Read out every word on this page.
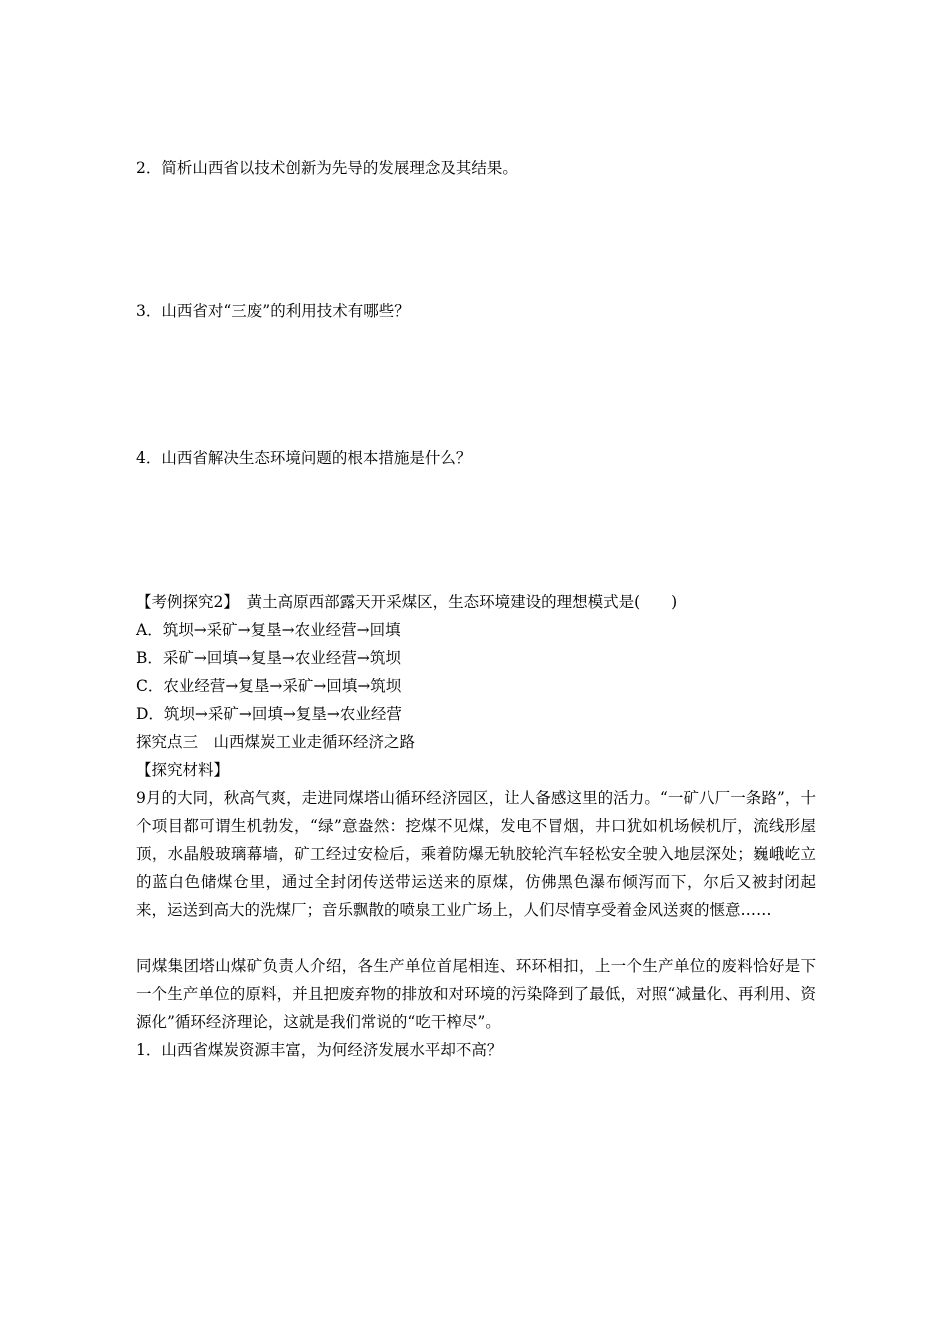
2．简析山西省以技术创新为先导的发展理念及其结果。
3．山西省对“三废”的利用技术有哪些？
4．山西省解决生态环境问题的根本措施是什么？
【考例探究2】　黄土高原西部露天开采煤区，生态环境建设的理想模式是(　　)
A．筑坝→采矿→复垦→农业经营→回填
B．采矿→回填→复垦→农业经营→筑坝
C．农业经营→复垦→采矿→回填→筑坝
D．筑坝→采矿→回填→复垦→农业经营
探究点三　山西煤炭工业走循环经济之路
【探究材料】
9月的大同，秋高气爽，走进同煤塔山循环经济园区，让人备感这里的活力。“一矿八厂一条路”，十个项目都可谓生机勃发，“绿”意盎然：挖煤不见煤，发电不冒烟，井口犹如机场候机厅，流线形屋顶，水晶般玻璃幕墙，矿工经过安检后，乘着防爆无轨胶轮汽车轻松安全驶入地层深处；巍峨屹立的蓝白色储煤仓里，通过全封闭传送带运送来的原煤，仿佛黑色瀑布倾泻而下，尔后又被封闭起来，运送到高大的洗煤厂；音乐飘散的喷泉工业广场上，人们尽情享受着金风送爽的惬意……
同煤集团塔山煤矿负责人介绍，各生产单位首尾相连、环环相扣，上一个生产单位的废料恰好是下一个生产单位的原料，并且把废弃物的排放和对环境的污染降到了最低，对照“减量化、再利用、资源化”循环经济理论，这就是我们常说的“吃干榨尽”。
1．山西省煤炭资源丰富，为何经济发展水平却不高？
